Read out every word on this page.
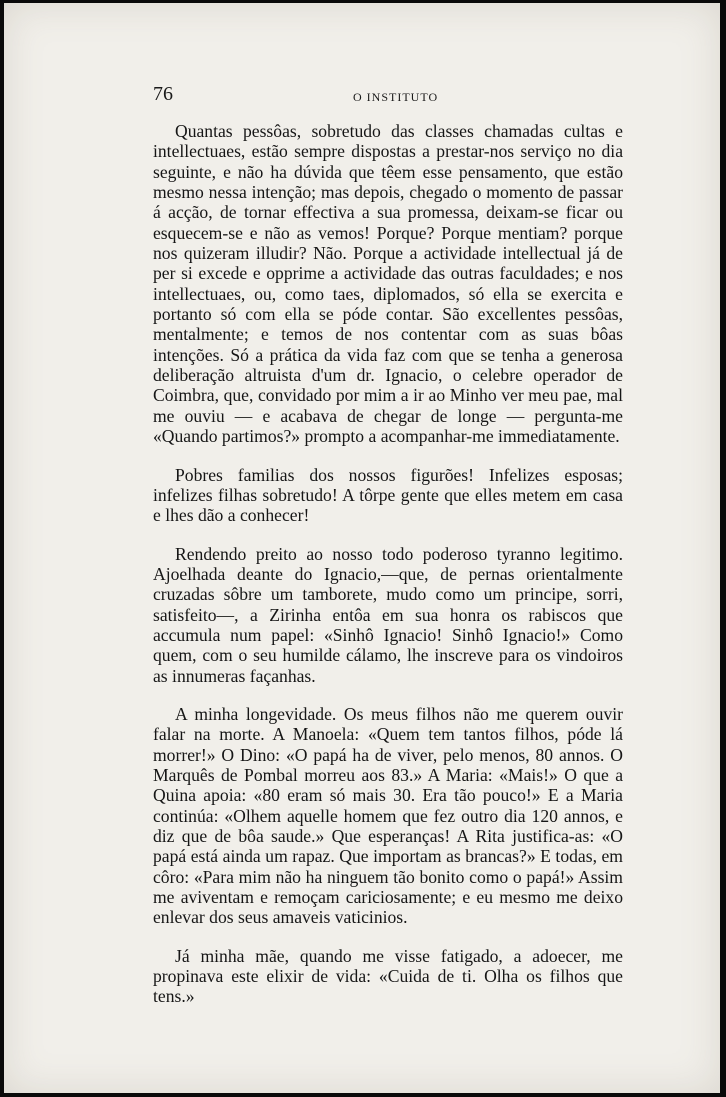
76	O INSTITUTO

Quantas pessôas, sobretudo das classes chamadas cultas e intellectuaes, estão sempre dispostas a prestar-nos serviço no dia seguinte, e não ha dúvida que têem esse pensamento, que estão mesmo nessa intenção; mas depois, chegado o momento de passar á acção, de tornar effectiva a sua promessa, deixam-se ficar ou esquecem-se e não as vemos! Porque? Porque mentiam? porque nos quizeram illudir? Não. Porque a actividade intellectual já de per si excede e opprime a actividade das outras faculdades; e nos intellectuaes, ou, como taes, diplomados, só ella se exercita e portanto só com ella se póde contar. São excellentes pessôas, mentalmente; e temos de nos contentar com as suas bôas intenções. Só a prática da vida faz com que se tenha a generosa deliberação altruista d'um dr. Ignacio, o celebre operador de Coimbra, que, convidado por mim a ir ao Minho ver meu pae, mal me ouviu — e acabava de chegar de longe — pergunta-me «Quando partimos?» prompto a acompanhar-me immediatamente.

Pobres familias dos nossos figurões! Infelizes esposas; infelizes filhas sobretudo! A tôrpe gente que elles metem em casa e lhes dão a conhecer!

Rendendo preito ao nosso todo poderoso tyranno legitimo. Ajoelhada deante do Ignacio,—que, de pernas orientalmente cruzadas sôbre um tamborete, mudo como um principe, sorri, satisfeito—, a Zirinha entôa em sua honra os rabiscos que accumula num papel: «Sinhô Ignacio! Sinhô Ignacio!» Como quem, com o seu humilde cálamo, lhe inscreve para os vindoiros as innumeras façanhas.

A minha longevidade. Os meus filhos não me querem ouvir falar na morte. A Manoela: «Quem tem tantos filhos, póde lá morrer!» O Dino: «O papá ha de viver, pelo menos, 80 annos. O Marquês de Pombal morreu aos 83.» A Maria: «Mais!» O que a Quina apoia: «80 eram só mais 30. Era tão pouco!» E a Maria continúa: «Olhem aquelle homem que fez outro dia 120 annos, e diz que de bôa saude.» Que esperanças! A Rita justifica-as: «O papá está ainda um rapaz. Que importam as brancas?» E todas, em côro: «Para mim não ha ninguem tão bonito como o papá!» Assim me aviventam e remoçam cariciosamente; e eu mesmo me deixo enlevar dos seus amaveis vaticinios.

Já minha mãe, quando me visse fatigado, a adoecer, me propinava este elixir de vida: «Cuida de ti. Olha os filhos que tens.»
